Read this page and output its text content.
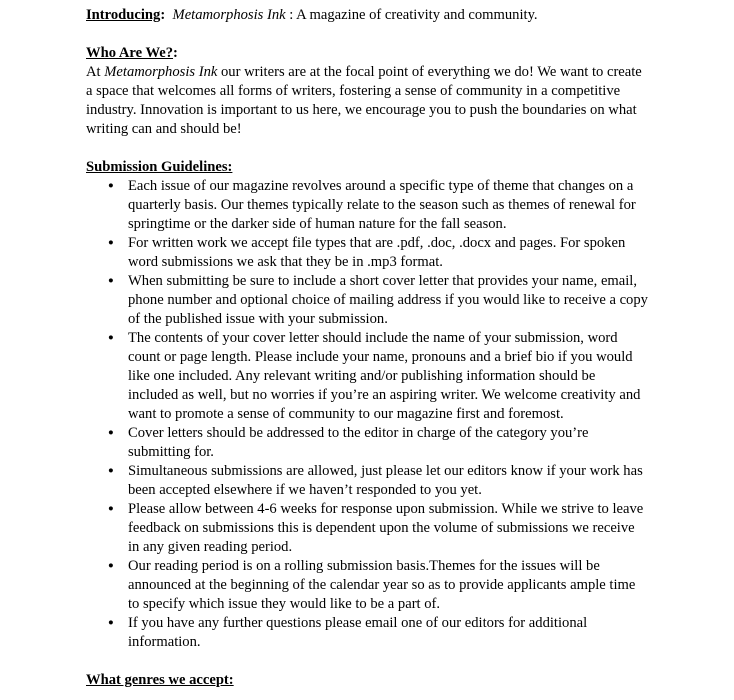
Introducing: Metamorphosis Ink : A magazine of creativity and community.

Who Are We?:

At Metamorphosis Ink our writers are at the focal point of everything we do! We want to create a space that welcomes all forms of writers, fostering a sense of community in a competitive industry. Innovation is important to us here, we encourage you to push the boundaries on what writing can and should be!

Submission Guidelines:

● Each issue of our magazine revolves around a specific type of theme that changes on a quarterly basis. Our themes typically relate to the season such as themes of renewal for springtime or the darker side of human nature for the fall season.
● For written work we accept file types that are .pdf, .doc, .docx and pages. For spoken word submissions we ask that they be in .mp3 format.
● When submitting be sure to include a short cover letter that provides your name, email, phone number and optional choice of mailing address if you would like to receive a copy of the published issue with your submission.
● The contents of your cover letter should include the name of your submission, word count or page length. Please include your name, pronouns and a brief bio if you would like one included. Any relevant writing and/or publishing information should be included as well, but no worries if you’re an aspiring writer. We welcome creativity and want to promote a sense of community to our magazine first and foremost.
● Cover letters should be addressed to the editor in charge of the category you’re submitting for.
● Simultaneous submissions are allowed, just please let our editors know if your work has been accepted elsewhere if we haven’t responded to you yet.
● Please allow between 4-6 weeks for response upon submission. While we strive to leave feedback on submissions this is dependent upon the volume of submissions we receive in any given reading period.
● Our reading period is on a rolling submission basis.Themes for the issues will be announced at the beginning of the calendar year so as to provide applicants ample time to specify which issue they would like to be a part of.
● If you have any further questions please email one of our editors for additional information.

What genres we accept:
